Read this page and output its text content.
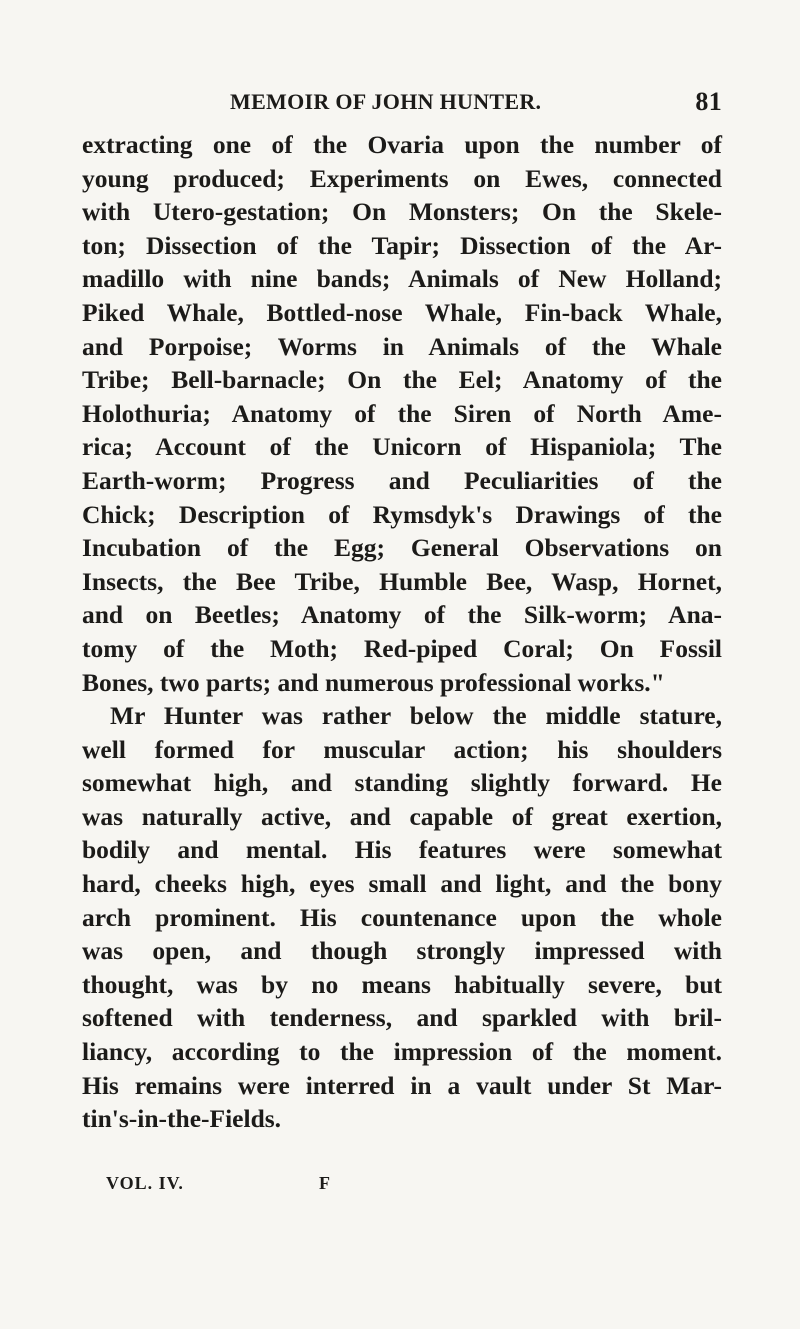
MEMOIR OF JOHN HUNTER.	81
extracting one of the Ovaria upon the number of
young produced; Experiments on Ewes, connected
with Utero-gestation; On Monsters; On the Skele-
ton; Dissection of the Tapir; Dissection of the Ar-
madillo with nine bands; Animals of New Holland;
Piked Whale, Bottled-nose Whale, Fin-back Whale,
and Porpoise; Worms in Animals of the Whale
Tribe; Bell-barnacle; On the Eel; Anatomy of the
Holothuria; Anatomy of the Siren of North Ame-
rica; Account of the Unicorn of Hispaniola; The
Earth-worm; Progress and Peculiarities of the
Chick; Description of Rymsdyk's Drawings of the
Incubation of the Egg; General Observations on
Insects, the Bee Tribe, Humble Bee, Wasp, Hornet,
and on Beetles; Anatomy of the Silk-worm; Ana-
tomy of the Moth; Red-piped Coral; On Fossil
Bones, two parts; and numerous professional works."
Mr Hunter was rather below the middle stature,
well formed for muscular action; his shoulders
somewhat high, and standing slightly forward. He
was naturally active, and capable of great exertion,
bodily and mental. His features were somewhat
hard, cheeks high, eyes small and light, and the bony
arch prominent. His countenance upon the whole
was open, and though strongly impressed with
thought, was by no means habitually severe, but
softened with tenderness, and sparkled with bril-
liancy, according to the impression of the moment.
His remains were interred in a vault under St Mar-
tin's-in-the-Fields.
VOL. IV.	F
